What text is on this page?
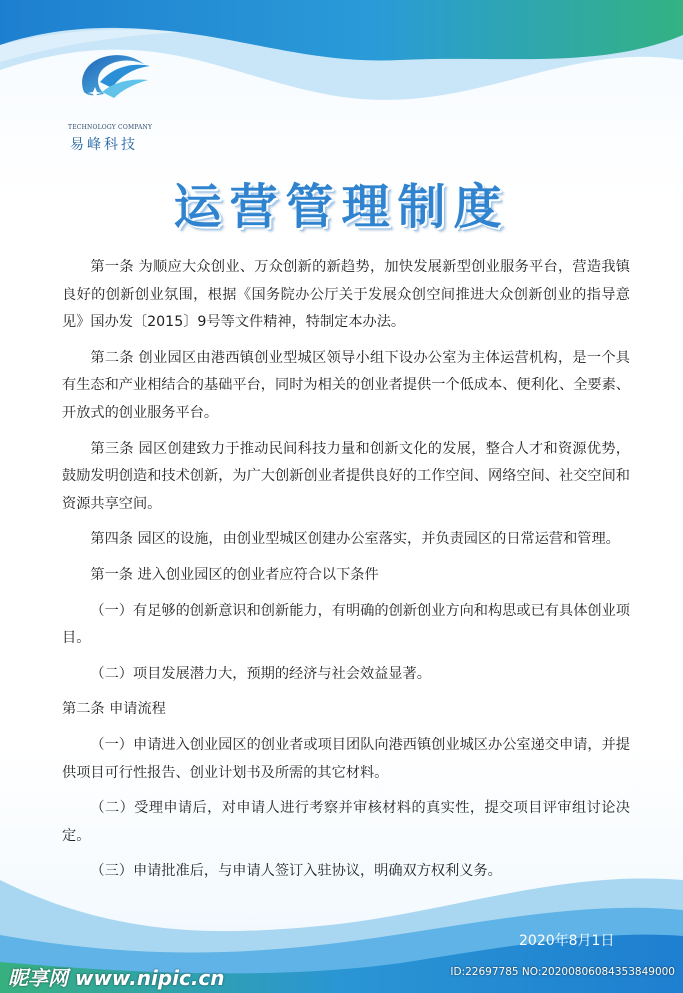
TECHNOLOGY COMPANY
易峰科技
运营管理制度

第一条 为顺应大众创业、万众创新的新趋势，加快发展新型创业服务平台，营造我镇良好的创新创业氛围，根据《国务院办公厅关于发展众创空间推进大众创新创业的指导意见》国办发〔2015〕9号等文件精神，特制定本办法。

第二条 创业园区由港西镇创业型城区领导小组下设办公室为主体运营机构，是一个具有生态和产业相结合的基础平台，同时为相关的创业者提供一个低成本、便利化、全要素、开放式的创业服务平台。

第三条 园区创建致力于推动民间科技力量和创新文化的发展，整合人才和资源优势，鼓励发明创造和技术创新，为广大创新创业者提供良好的工作空间、网络空间、社交空间和资源共享空间。

第四条 园区的设施，由创业型城区创建办公室落实，并负责园区的日常运营和管理。

第一条 进入创业园区的创业者应符合以下条件

（一）有足够的创新意识和创新能力，有明确的创新创业方向和构思或已有具体创业项目。

（二）项目发展潜力大，预期的经济与社会效益显著。

第二条 申请流程

（一）申请进入创业园区的创业者或项目团队向港西镇创业城区办公室递交申请，并提供项目可行性报告、创业计划书及所需的其它材料。

（二）受理申请后，对申请人进行考察并审核材料的真实性，提交项目评审组讨论决定。

（三）申请批准后，与申请人签订入驻协议，明确双方权利义务。

2020年8月1日
昵享网 www.nipic.cn	ID:22697785 NO:20200806084353849000
